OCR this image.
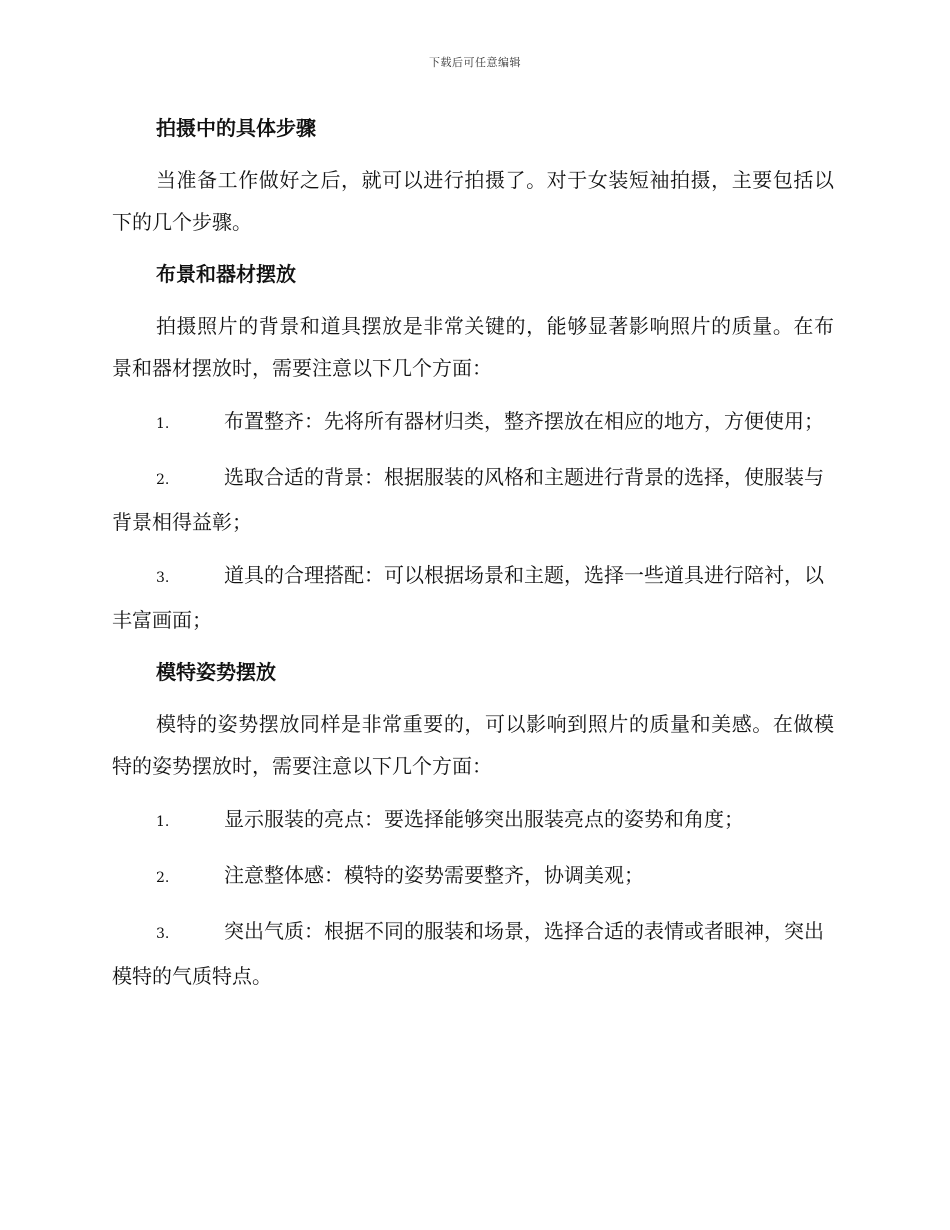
下载后可任意编辑
拍摄中的具体步骤
当准备工作做好之后，就可以进行拍摄了。对于女装短袖拍摄，主要包括以下的几个步骤。
布景和器材摆放
拍摄照片的背景和道具摆放是非常关键的，能够显著影响照片的质量。在布景和器材摆放时，需要注意以下几个方面：
1.	布置整齐：先将所有器材归类，整齐摆放在相应的地方，方便使用；
2.	选取合适的背景：根据服装的风格和主题进行背景的选择，使服装与背景相得益彰；
3.	道具的合理搭配：可以根据场景和主题，选择一些道具进行陪衬，以丰富画面；
模特姿势摆放
模特的姿势摆放同样是非常重要的，可以影响到照片的质量和美感。在做模特的姿势摆放时，需要注意以下几个方面：
1.	显示服装的亮点：要选择能够突出服装亮点的姿势和角度；
2.	注意整体感：模特的姿势需要整齐，协调美观；
3.	突出气质：根据不同的服装和场景，选择合适的表情或者眼神，突出模特的气质特点。
